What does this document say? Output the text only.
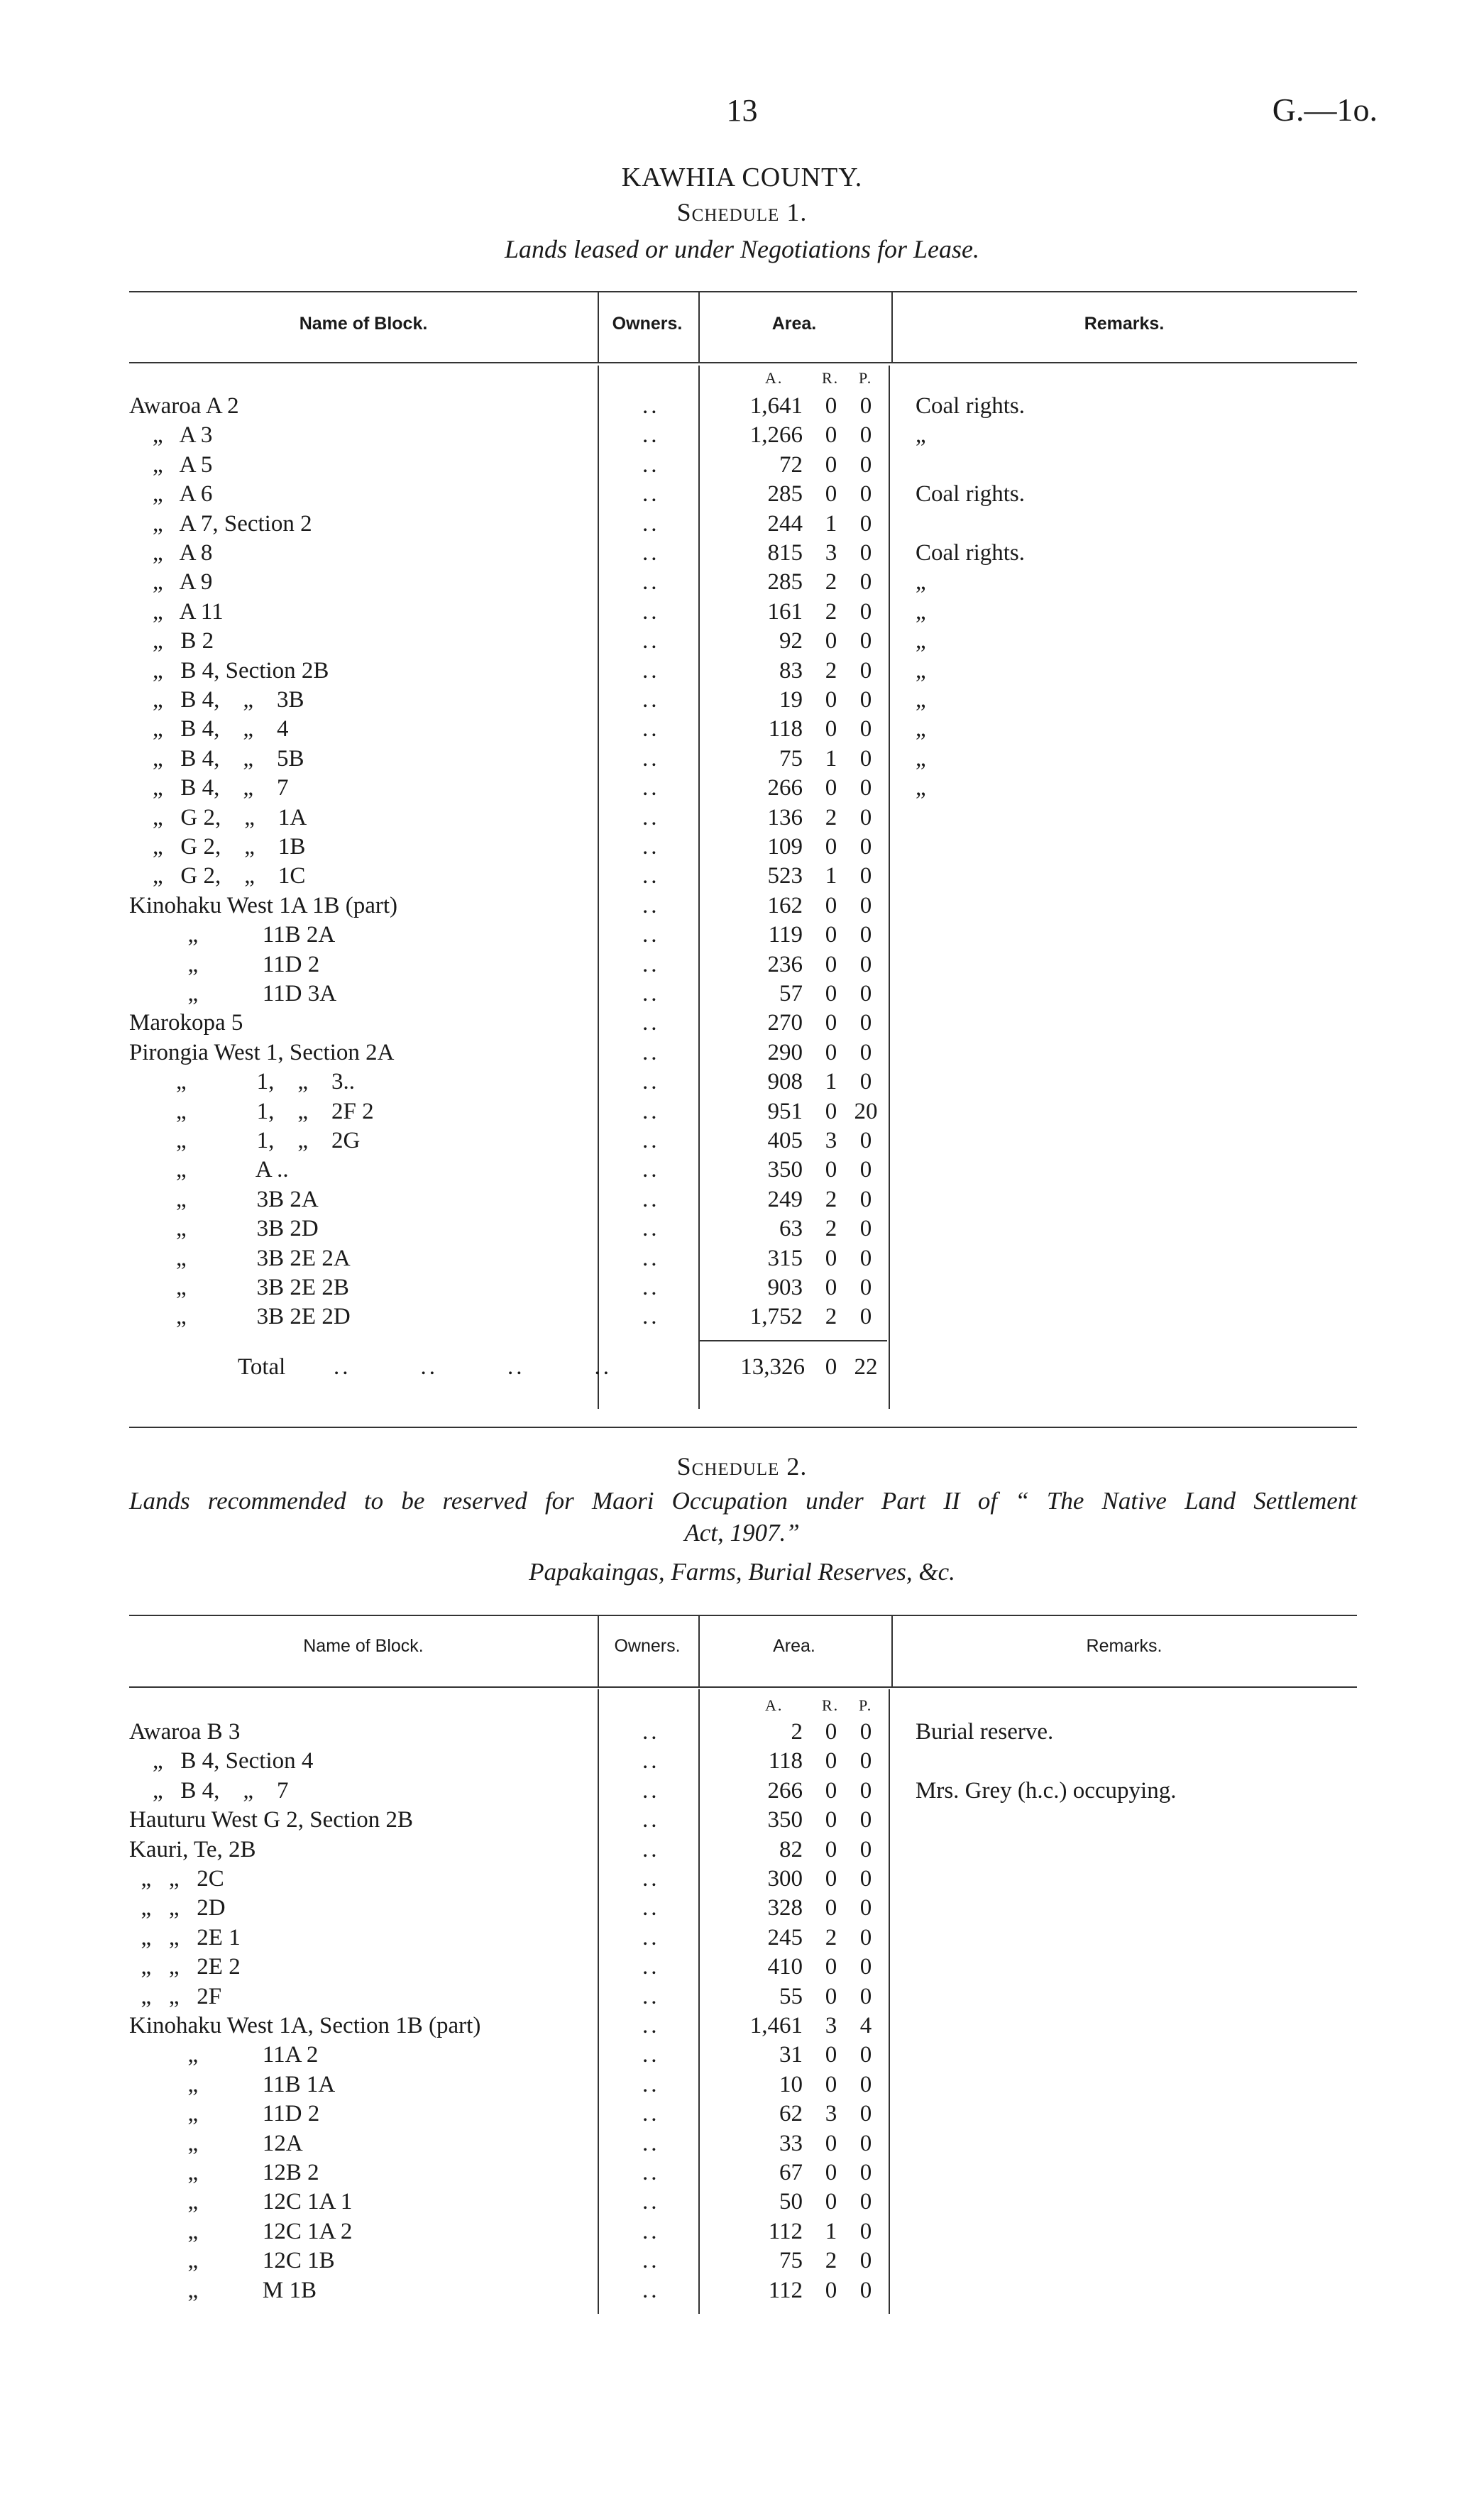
13	G.—1o.
KAWHIA COUNTY.
Schedule 1.
Lands leased or under Negotiations for Lease.
Name of Block.	Owners.	Area.	Remarks.
A. R. P.
Awaroa A 2	..	1,641 0 0	Coal rights.
„   A 3	..	1,266 0 0	„
„   A 5	..	72 0 0
„   A 6	..	285 0 0	Coal rights.
„   A 7, Section 2	..	244 1 0
„   A 8	..	815 3 0	Coal rights.
„   A 9	..	285 2 0	„
„   A 11	..	161 2 0	„
„   B 2	..	92 0 0	„
„   B 4, Section 2B	..	83 2 0	„
„   B 4,    „    3B	..	19 0 0	„
„   B 4,    „    4	..	118 0 0	„
„   B 4,    „    5B	..	75 1 0	„
„   B 4,    „    7	..	266 0 0	„
„   G 2,    „    1A	..	136 2 0
„   G 2,    „    1B	..	109 0 0
„   G 2,    „    1C	..	523 1 0
Kinohaku West 1A 1B (part)	..	162 0 0
„           11B 2A	..	119 0 0
„           11D 2	..	236 0 0
„           11D 3A	..	57 0 0
Marokopa 5	..	270 0 0
Pirongia West 1, Section 2A	..	290 0 0
„            1,    „    3..	..	908 1 0
„            1,    „    2F 2	..	951 0 20
„            1,    „    2G	..	405 3 0
„            A ..	..	350 0 0
„            3B 2A	..	249 2 0
„            3B 2D	..	63 2 0
„            3B 2E 2A	..	315 0 0
„            3B 2E 2B	..	903 0 0
„            3B 2E 2D	..	1,752 2 0
Total ..        ..        ..        ..	13,326 0 22
Schedule 2.
Lands recommended to be reserved for Maori Occupation under Part II of “ The Native Land Settlement
Act, 1907.”
Papakaingas, Farms, Burial Reserves, &c.
Name of Block.	Owners.	Area.	Remarks.
A. R. P.
Awaroa B 3	..	2 0 0	Burial reserve.
„   B 4, Section 4	..	118 0 0
„   B 4,    „    7	..	266 0 0	Mrs. Grey (h.c.) occupying.
Hauturu West G 2, Section 2B	..	350 0 0
Kauri, Te, 2B	..	82 0 0
„   „   2C	..	300 0 0
„   „   2D	..	328 0 0
„   „   2E 1	..	245 2 0
„   „   2E 2	..	410 0 0
„   „   2F	..	55 0 0
Kinohaku West 1A, Section 1B (part)	..	1,461 3 4
„           11A 2	..	31 0 0
„           11B 1A	..	10 0 0
„           11D 2	..	62 3 0
„           12A	..	33 0 0
„           12B 2	..	67 0 0
„           12C 1A 1	..	50 0 0
„           12C 1A 2	..	112 1 0
„           12C 1B	..	75 2 0
„           M 1B	..	112 0 0
